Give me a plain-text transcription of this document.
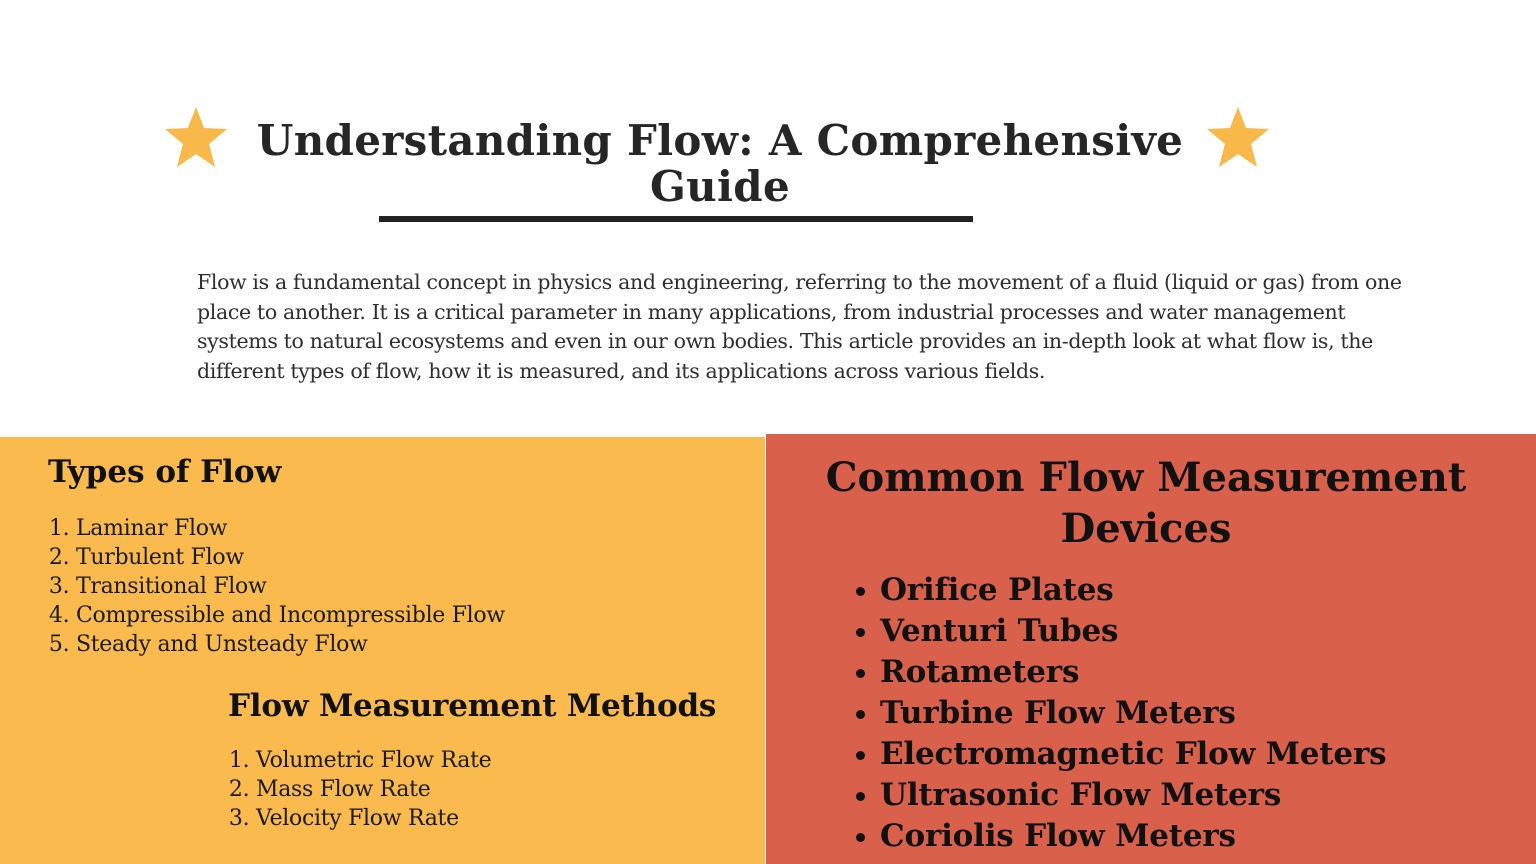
Understanding Flow: A Comprehensive Guide

Flow is a fundamental concept in physics and engineering, referring to the movement of a fluid (liquid or gas) from one place to another. It is a critical parameter in many applications, from industrial processes and water management systems to natural ecosystems and even in our own bodies. This article provides an in-depth look at what flow is, the different types of flow, how it is measured, and its applications across various fields.

Types of Flow
1. Laminar Flow
2. Turbulent Flow
3. Transitional Flow
4. Compressible and Incompressible Flow
5. Steady and Unsteady Flow
Flow Measurement Methods
1. Volumetric Flow Rate
2. Mass Flow Rate
3. Velocity Flow Rate
Common Flow Measurement Devices
• Orifice Plates
• Venturi Tubes
• Rotameters
• Turbine Flow Meters
• Electromagnetic Flow Meters
• Ultrasonic Flow Meters
• Coriolis Flow Meters
